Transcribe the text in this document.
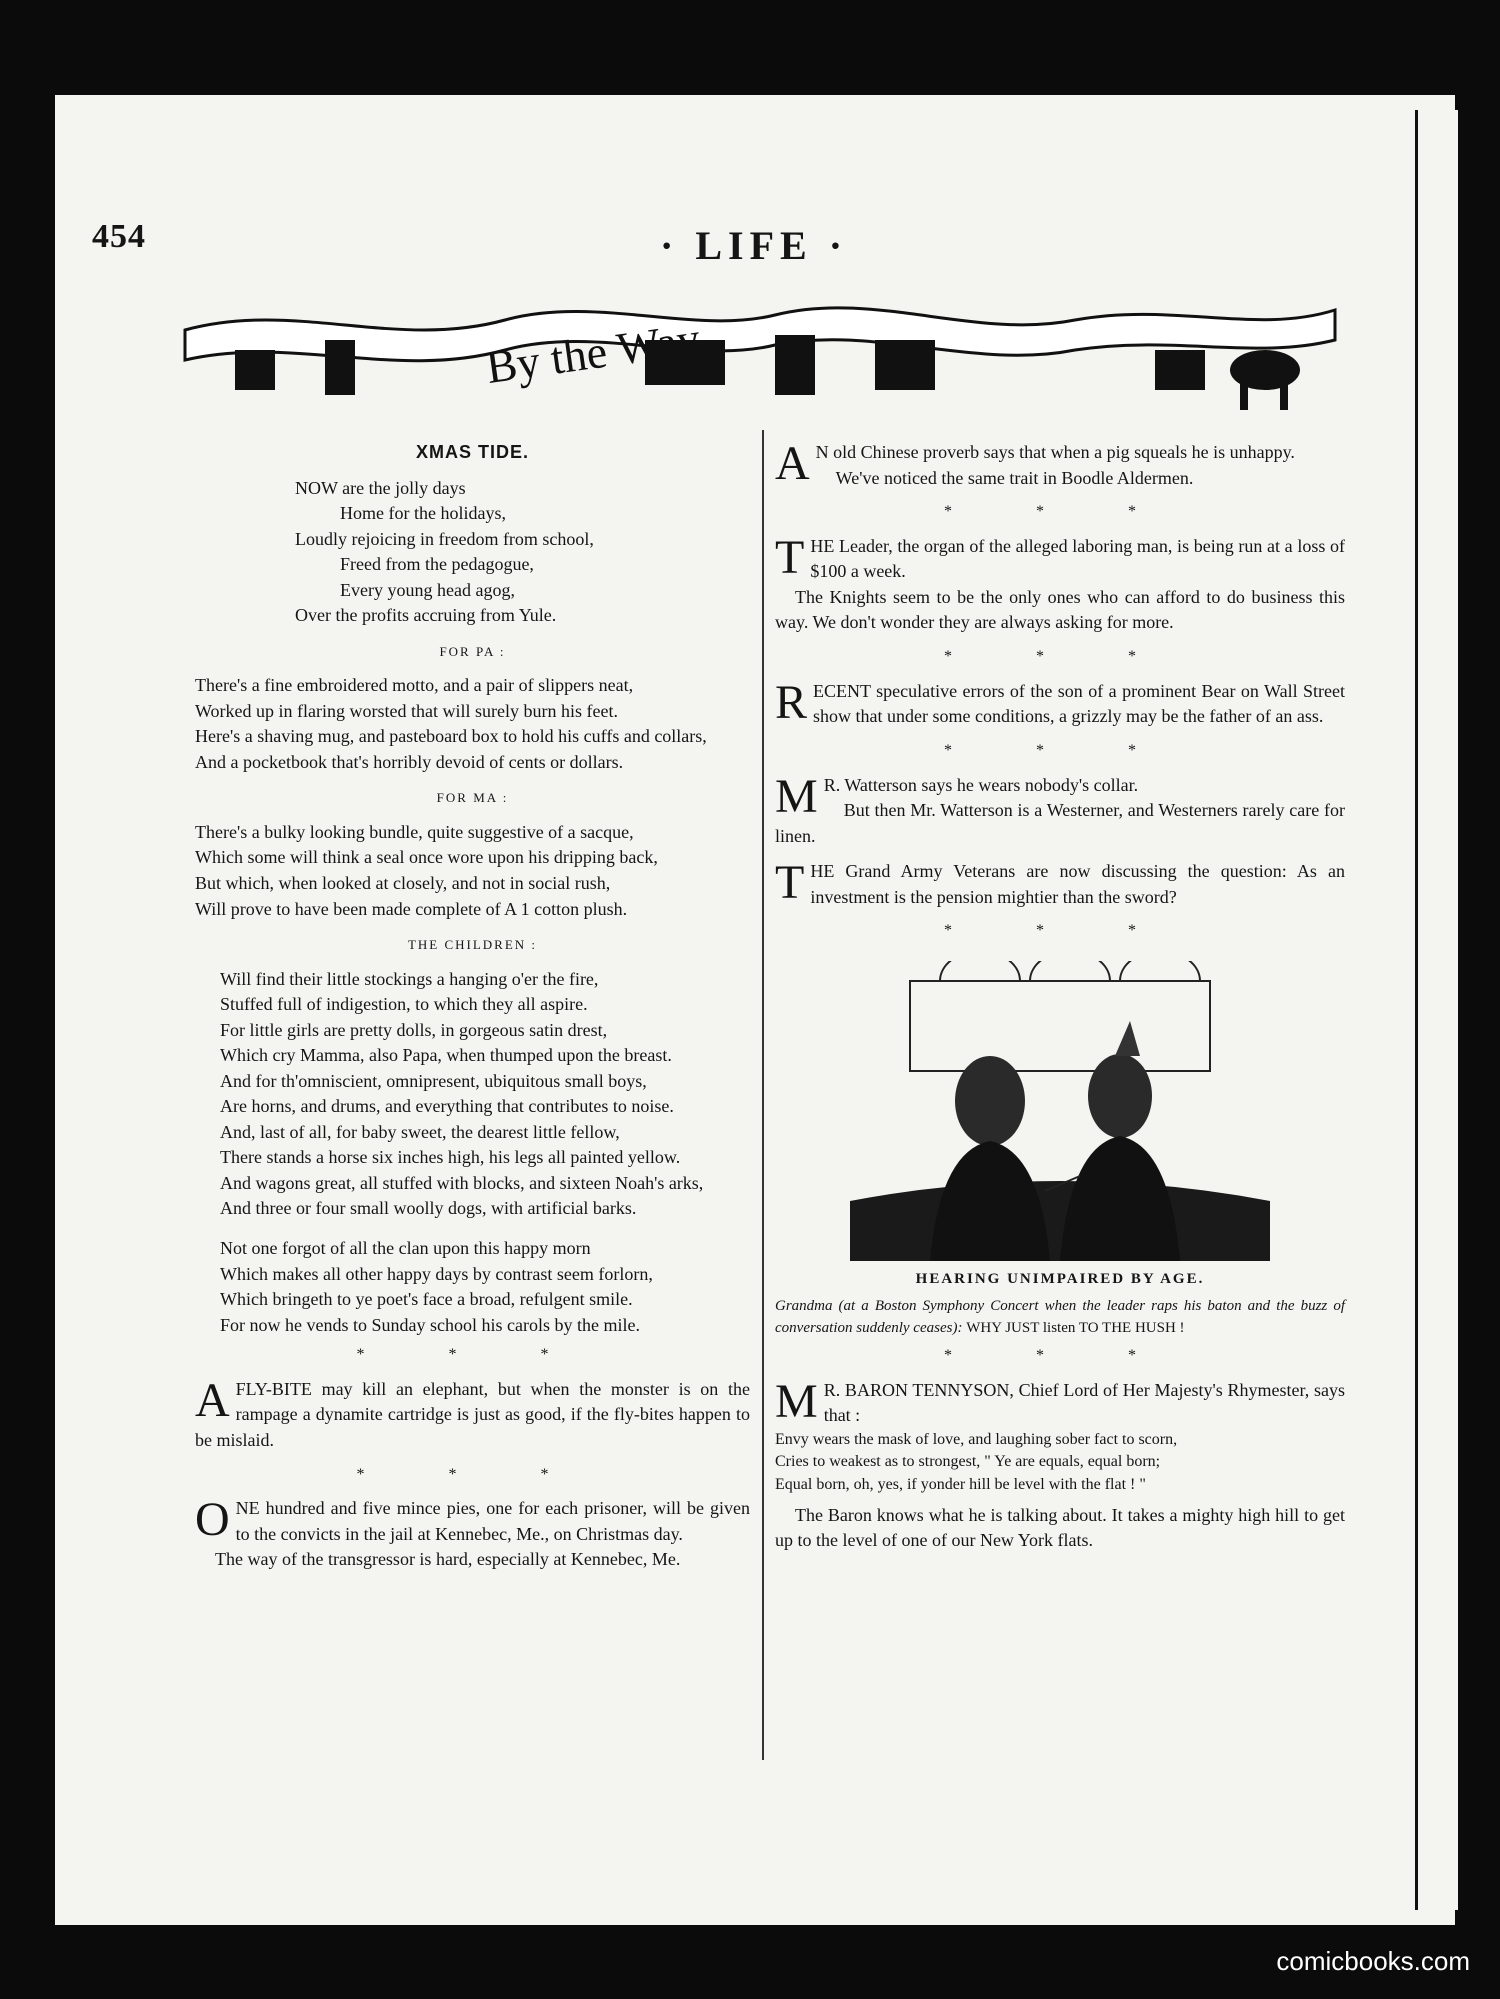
454	· LIFE ·
By the Way
XMAS TIDE.

NOW are the jolly days

Home for the holidays,

Loudly rejoicing in freedom from school,

Freed from the pedagogue,

Every young head agog,

Over the profits accruing from Yule.

FOR PA :

There's a fine embroidered motto, and a pair of slippers neat,

Worked up in flaring worsted that will surely burn his feet.

Here's a shaving mug, and pasteboard box to hold his cuffs and collars,

And a pocketbook that's horribly devoid of cents or dollars.

FOR MA :

There's a bulky looking bundle, quite suggestive of a sacque,

Which some will think a seal once wore upon his dripping back,

But which, when looked at closely, and not in social rush,

Will prove to have been made complete of A 1 cotton plush.

THE CHILDREN :

Will find their little stockings a hanging o'er the fire,

Stuffed full of indigestion, to which they all aspire.

For little girls are pretty dolls, in gorgeous satin drest,

Which cry Mamma, also Papa, when thumped upon the breast.

And for th'omniscient, omnipresent, ubiquitous small boys,

Are horns, and drums, and everything that contributes to noise.

And, last of all, for baby sweet, the dearest little fellow,

There stands a horse six inches high, his legs all painted yellow.

And wagons great, all stuffed with blocks, and sixteen Noah's arks,

And three or four small woolly dogs, with artificial barks.

Not one forgot of all the clan upon this happy morn

Which makes all other happy days by contrast seem forlorn,

Which bringeth to ye poet's face a broad, refulgent smile.

For now he vends to Sunday school his carols by the mile.

* * *
A FLY-BITE may kill an elephant, but when the monster is on the rampage a dynamite cartridge is just as good, if the fly-bites happen to be mislaid.
* * *
O NE hundred and five mince pies, one for each prisoner, will be given to the convicts in the jail at Kennebec, Me., on Christmas day.

The way of the transgressor is hard, especially at Kennebec, Me.

A N old Chinese proverb says that when a pig squeals he is unhappy.

We've noticed the same trait in Boodle Aldermen.

* * *
T HE Leader, the organ of the alleged laboring man, is being run at a loss of $100 a week.

The Knights seem to be the only ones who can afford to do business this way. We don't wonder they are always asking for more.

* * *
R ECENT speculative errors of the son of a prominent Bear on Wall Street show that under some conditions, a grizzly may be the father of an ass.
* * *
M R. Watterson says he wears nobody's collar.

But then Mr. Watterson is a Westerner, and Westerners rarely care for linen.

T HE Grand Army Veterans are now discussing the question: As an investment is the pension mightier than the sword?
* * *
HEARING UNIMPAIRED BY AGE.

Grandma (at a Boston Symphony Concert when the leader raps his baton and the buzz of conversation suddenly ceases): WHY JUST listen TO THE HUSH !

* * *
M R. BARON TENNYSON, Chief Lord of Her Majesty's Rhymester, says that :

Envy wears the mask of love, and laughing sober fact to scorn,

Cries to weakest as to strongest, " Ye are equals, equal born;

Equal born, oh, yes, if yonder hill be level with the flat ! "

The Baron knows what he is talking about. It takes a mighty high hill to get up to the level of one of our New York flats.

comicbooks.com
